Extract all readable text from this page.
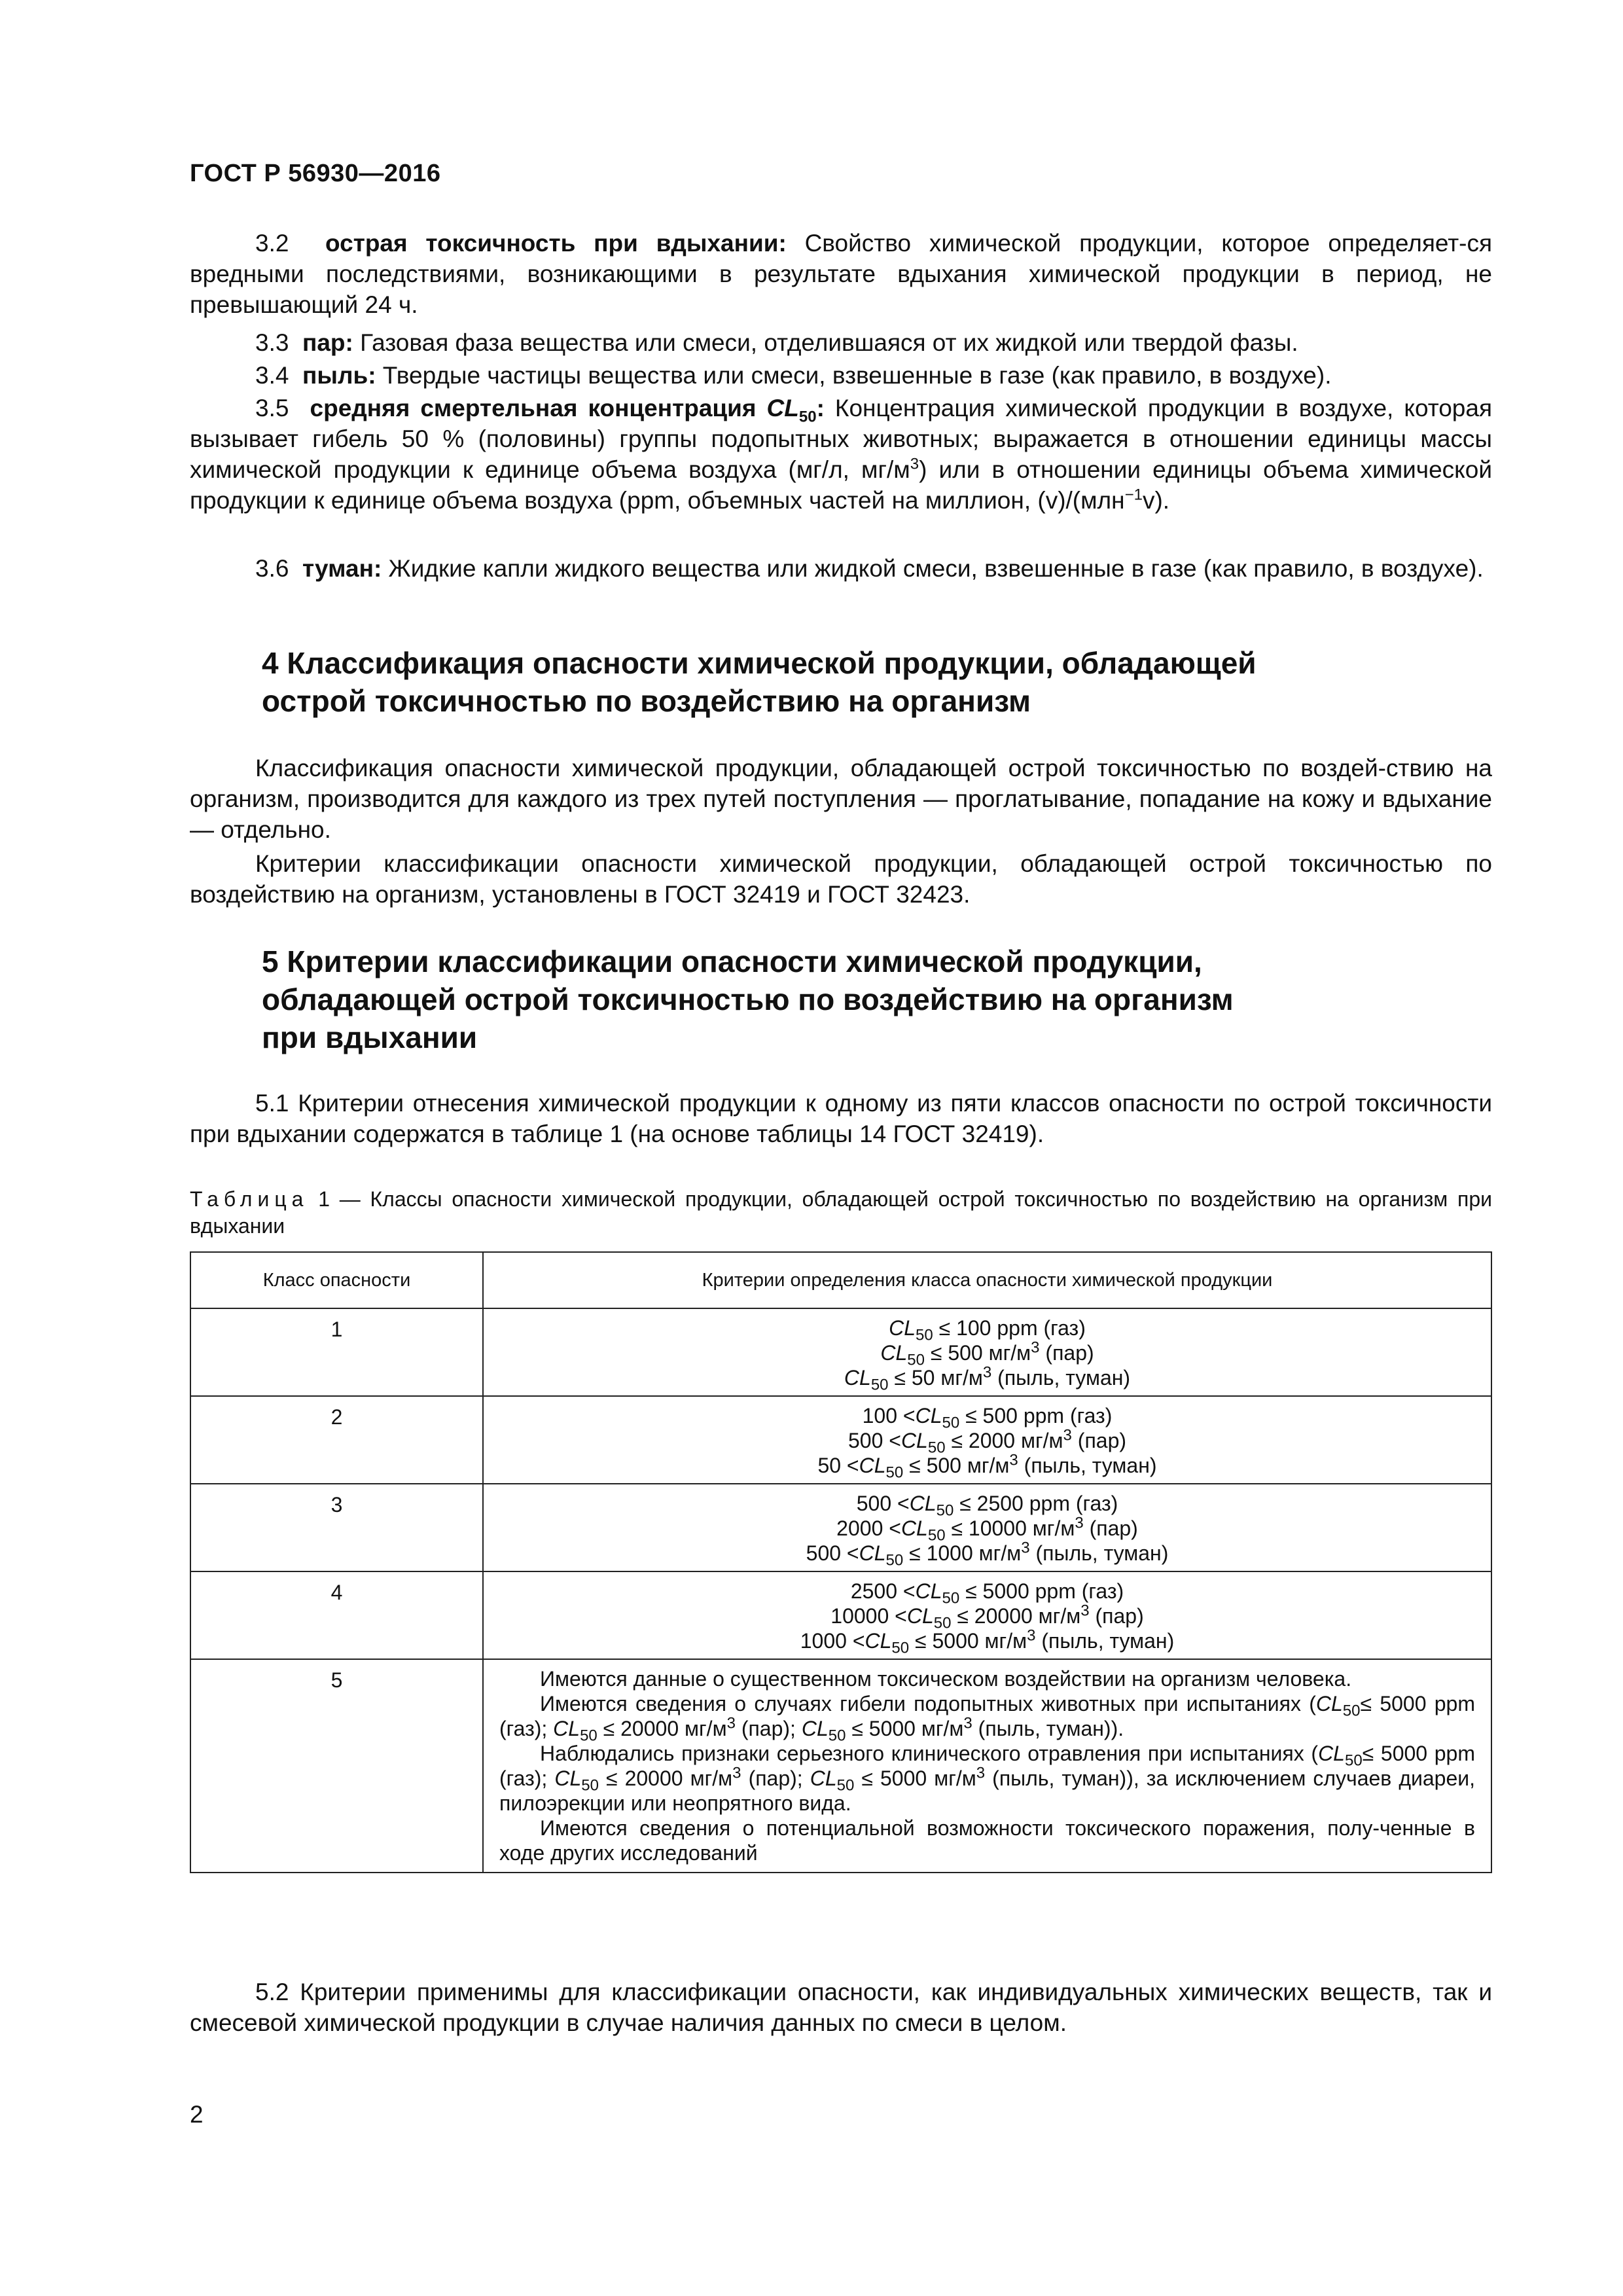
ГОСТ Р 56930—2016
3.2 острая токсичность при вдыхании: Свойство химической продукции, которое определяет-ся вредными последствиями, возникающими в результате вдыхания химической продукции в период, не превышающий 24 ч.
3.3 пар: Газовая фаза вещества или смеси, отделившаяся от их жидкой или твердой фазы.
3.4 пыль: Твердые частицы вещества или смеси, взвешенные в газе (как правило, в воздухе).
3.5 средняя смертельная концентрация $CL_{50}$: Концентрация химической продукции в воздухе, которая вызывает гибель 50 % (половины) группы подопытных животных; выражается в отношении единицы массы химической продукции к единице объема воздуха (мг/л, $мг/м^3$) или в отношении единицы объема химической продукции к единице объема воздуха (ppm, объемных частей на миллион, (v)/(млн$^{-1}$v).
3.6 туман: Жидкие капли жидкого вещества или жидкой смеси, взвешенные в газе (как правило, в воздухе).
4 Классификация опасности химической продукции, обладающей
острой токсичностью по воздействию на организм
Классификация опасности химической продукции, обладающей острой токсичностью по воздей-ствию на организм, производится для каждого из трех путей поступления — проглатывание, попадание на кожу и вдыхание — отдельно.
Критерии классификации опасности химической продукции, обладающей острой токсичностью по воздействию на организм, установлены в ГОСТ 32419 и ГОСТ 32423.
5 Критерии классификации опасности химической продукции,
обладающей острой токсичностью по воздействию на организм
при вдыхании
5.1 Критерии отнесения химической продукции к одному из пяти классов опасности по острой токсичности при вдыхании содержатся в таблице 1 (на основе таблицы 14 ГОСТ 32419).
Таблица 1 — Классы опасности химической продукции, обладающей острой токсичностью по воздействию на организм при вдыхании
Класс опасности	Критерии определения класса опасности химической продукции
1	$CL_{50} \le 100$ ppm (газ)
$CL_{50} \le 500$ $мг/м^3$ (пар)
$CL_{50} \le 50$ $мг/м^3$ (пыль, туман)

2	$100 <CL_{50} \le 500$ ppm (газ)
$500 <CL_{50} \le 2000$ $мг/м^3$ (пар)
$50 <CL_{50} \le 500$ $мг/м^3$ (пыль, туман)

3	$500 <CL_{50} \le 2500$ ppm (газ)
$2000 <CL_{50} \le 10000$ $мг/м^3$ (пар)
$500 <CL_{50} \le 1000$ $мг/м^3$ (пыль, туман)

4	$2500 <CL_{50} \le 5000$ ppm (газ)
$10000 <CL_{50} \le 20000$ $мг/м^3$ (пар)
$1000 <CL_{50} \le 5000$ $мг/м^3$ (пыль, туман)

5	Имеются данные о существенном токсическом воздействии на организм человека.
Имеются сведения о случаях гибели подопытных животных при испытаниях ($CL_{50}\le 5000$ ppm (газ); $CL_{50} \le 20000$ $мг/м^3$ (пар); $CL_{50} \le 5000$ $мг/м^3$ (пыль, туман)).
Наблюдались признаки серьезного клинического отравления при испытаниях ($CL_{50}\le 5000$ ppm (газ); $CL_{50} \le 20000$ $мг/м^3$ (пар); $CL_{50} \le 5000$ $мг/м^3$ (пыль, туман)), за исключением случаев диареи, пилоэрекции или неопрятного вида.
Имеются сведения о потенциальной возможности токсического поражения, полу-ченные в ходе других исследований
5.2 Критерии применимы для классификации опасности, как индивидуальных химических веществ, так и смесевой химической продукции в случае наличия данных по смеси в целом.
2
